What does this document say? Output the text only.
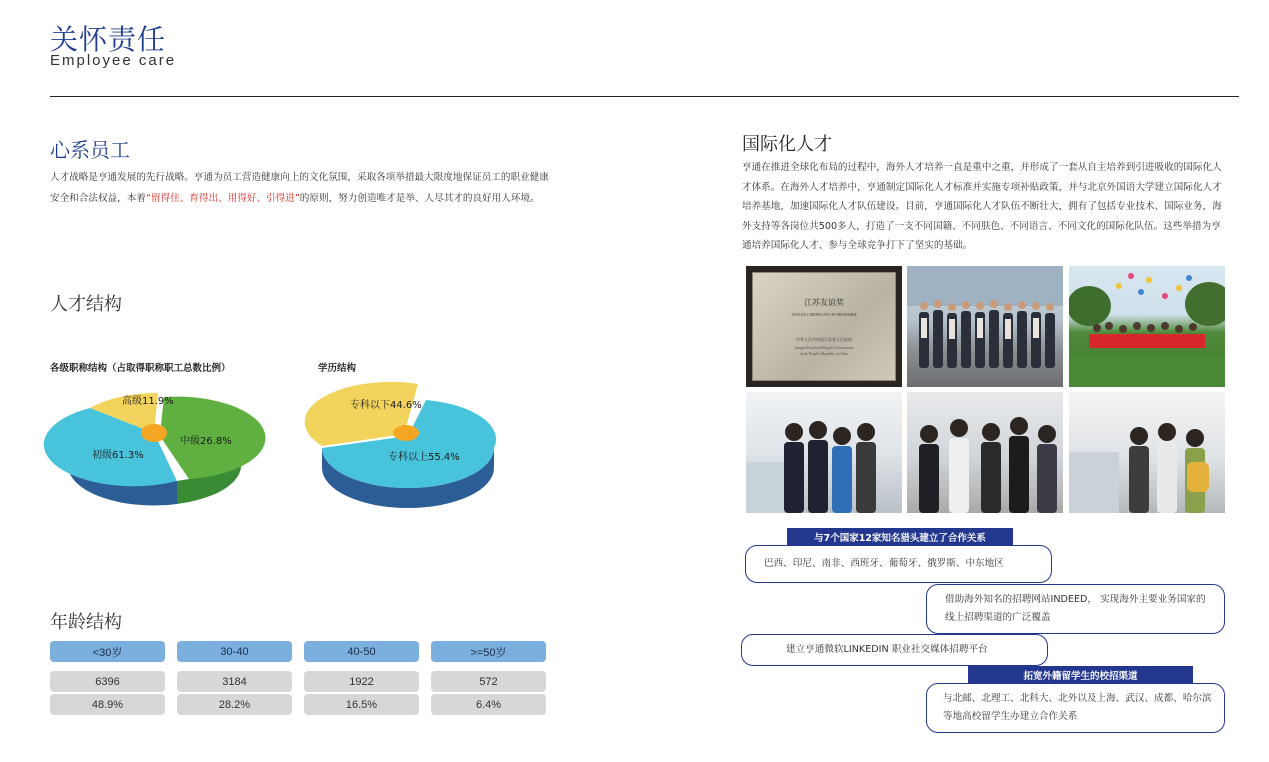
关怀责任
Employee care
心系员工
人才战略是亨通发展的先行战略。亨通为员工营造健康向上的文化氛围，采取各项举措最大限度地保证员工的职业健康安全和合法权益，本着“留得住、育得出、用得好、引得进”的原则，努力创造唯才是举、人尽其才的良好用人环境。
人才结构
各级职称结构（占取得职称职工总数比例）	学历结构
高级11.9%
中级26.8%
初级61.3%
专科以下44.6%
专科以上55.4%
年龄结构
<30岁	30-40	40-50	>=50岁
6396	3184	1922	572
48.9%	28.2%	16.5%	6.4%
国际化人才
亨通在推进全球化布局的过程中，海外人才培养一直是重中之重，并形成了一套从自主培养到引进吸收的国际化人才体系。在海外人才培养中，亨通制定国际化人才标准并实施专项补贴政策，并与北京外国语大学建立国际化人才培养基地，加速国际化人才队伍建设。目前，亨通国际化人才队伍不断壮大，拥有了包括专业技术、国际业务，海外支持等各岗位共500多人，打造了一支不同国籍、不同肤色、不同语言、不同文化的国际化队伍。这些举措为亨通培养国际化人才、参与全球竞争打下了坚实的基础。
江苏友谊奖
JIANGSU CERTIFICATE OF FRIENDSHIP
中华人民共和国江苏省人民政府
Jiangsu Provincial People's Government
of the People's Republic of China
与7个国家12家知名猎头建立了合作关系
巴西、印尼、南非、西班牙、葡萄牙、俄罗斯、中东地区
借助海外知名的招聘网站INDEED， 实现海外主要业务国家的线上招聘渠道的广泛覆盖
建立亨通微软LINKEDIN 职业社交媒体招聘平台
拓宽外籍留学生的校招渠道
与北邮、北理工、北科大、北外以及上海、武汉、成都、哈尔滨等地高校留学生办建立合作关系
